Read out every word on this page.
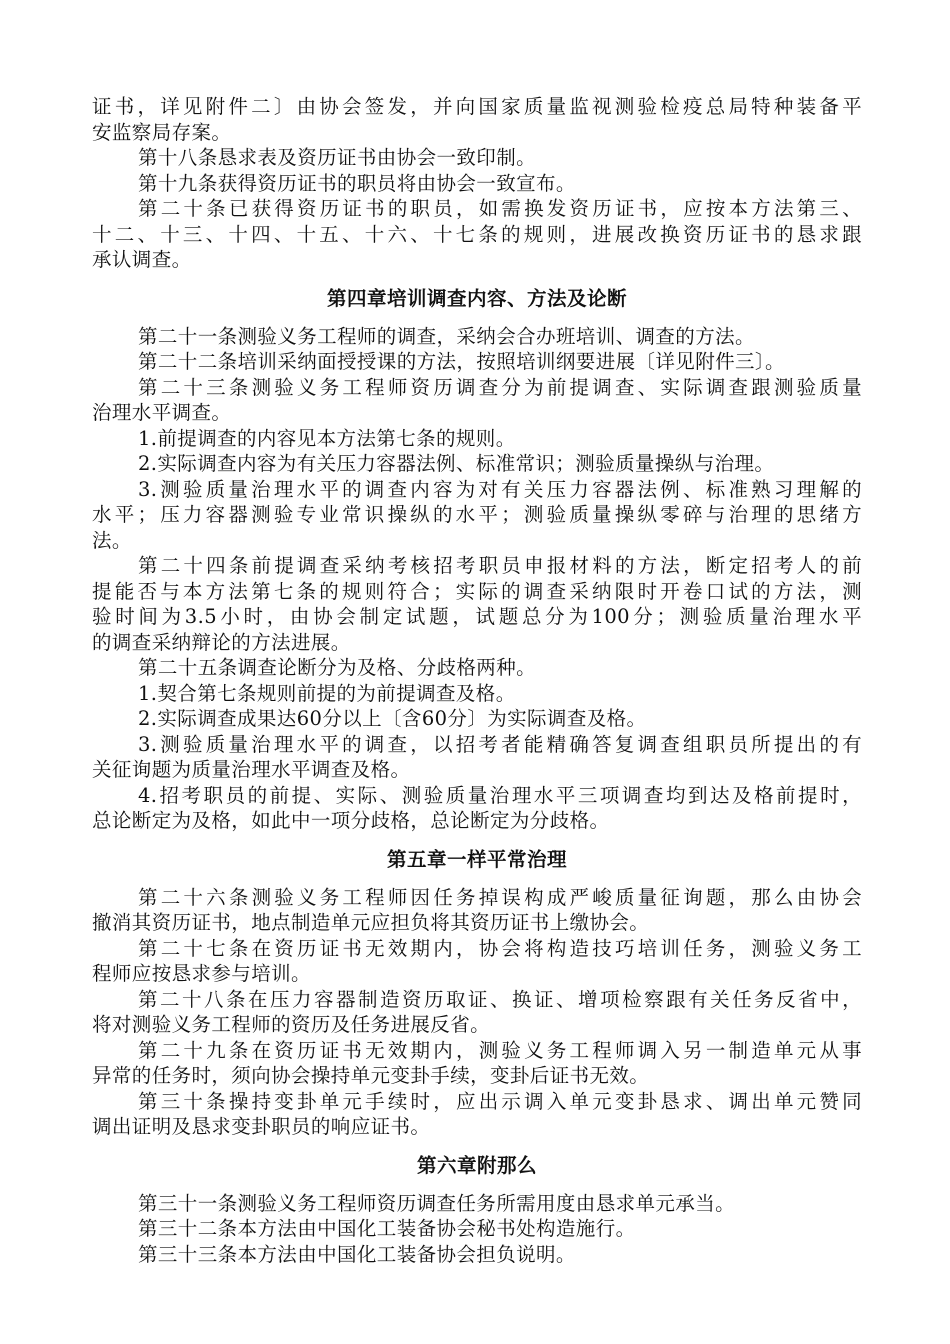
证书，详见附件二〕由协会签发，并向国家质量监视测验检疫总局特种装备平
安监察局存案。
第十八条恳求表及资历证书由协会一致印制。
第十九条获得资历证书的职员将由协会一致宣布。
第二十条已获得资历证书的职员，如需换发资历证书，应按本方法第三、
十二、十三、十四、十五、十六、十七条的规则，进展改换资历证书的恳求跟
承认调查。
第四章培训调查内容、方法及论断
第二十一条测验义务工程师的调查，采纳会合办班培训、调查的方法。
第二十二条培训采纳面授授课的方法，按照培训纲要进展〔详见附件三〕。
第二十三条测验义务工程师资历调查分为前提调查、实际调查跟测验质量
治理水平调查。
1.前提调查的内容见本方法第七条的规则。
2.实际调查内容为有关压力容器法例、标准常识；测验质量操纵与治理。
3.测验质量治理水平的调查内容为对有关压力容器法例、标准熟习理解的
水平；压力容器测验专业常识操纵的水平；测验质量操纵零碎与治理的思绪方
法。
第二十四条前提调查采纳考核招考职员申报材料的方法，断定招考人的前
提能否与本方法第七条的规则符合；实际的调查采纳限时开卷口试的方法，测
验时间为3.5小时，由协会制定试题，试题总分为100分；测验质量治理水平
的调查采纳辩论的方法进展。
第二十五条调查论断分为及格、分歧格两种。
1.契合第七条规则前提的为前提调查及格。
2.实际调查成果达60分以上〔含60分〕为实际调查及格。
3.测验质量治理水平的调查，以招考者能精确答复调查组职员所提出的有
关征询题为质量治理水平调查及格。
4.招考职员的前提、实际、测验质量治理水平三项调查均到达及格前提时，
总论断定为及格，如此中一项分歧格，总论断定为分歧格。
第五章一样平常治理
第二十六条测验义务工程师因任务掉误构成严峻质量征询题，那么由协会
撤消其资历证书，地点制造单元应担负将其资历证书上缴协会。
第二十七条在资历证书无效期内，协会将构造技巧培训任务，测验义务工
程师应按恳求参与培训。
第二十八条在压力容器制造资历取证、换证、增项检察跟有关任务反省中，
将对测验义务工程师的资历及任务进展反省。
第二十九条在资历证书无效期内，测验义务工程师调入另一制造单元从事
异常的任务时，须向协会操持单元变卦手续，变卦后证书无效。
第三十条操持变卦单元手续时，应出示调入单元变卦恳求、调出单元赞同
调出证明及恳求变卦职员的响应证书。
第六章附那么
第三十一条测验义务工程师资历调查任务所需用度由恳求单元承当。
第三十二条本方法由中国化工装备协会秘书处构造施行。
第三十三条本方法由中国化工装备协会担负说明。
